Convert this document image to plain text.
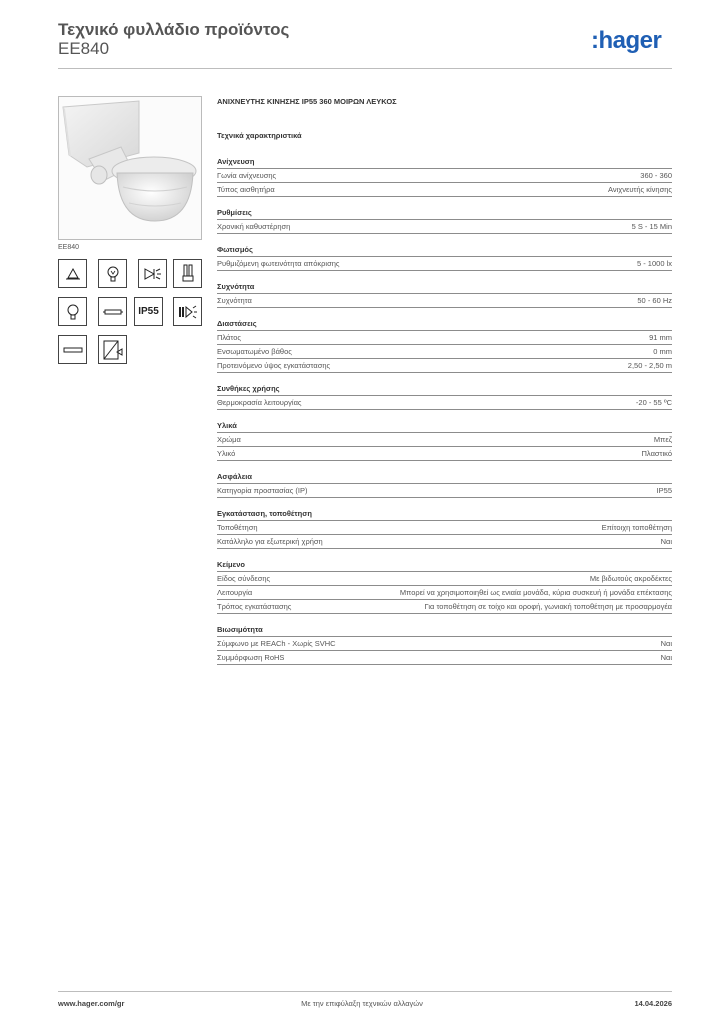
Τεχνικό φυλλάδιο προϊόντος
EE840	:hager
EE840
IP55
ΑΝΙΧΝΕΥΤΗΣ ΚΙΝΗΣΗΣ IP55 360 ΜΟΙΡΩΝ ΛΕΥΚΟΣ
Τεχνικά χαρακτηριστικά
Ανίχνευση
Γωνία ανίχνευσης	360 - 360
Τύπος αισθητήρα	Ανιχνευτής κίνησης
Ρυθμίσεις
Χρονική καθυστέρηση	5 S - 15 Min
Φωτισμός
Ρυθμιζόμενη φωτεινότητα απόκρισης	5 - 1000 lx
Συχνότητα
Συχνότητα	50 - 60 Hz
Διαστάσεις
Πλάτος	91 mm
Ενσωματωμένο βάθος	0 mm
Προτεινόμενο ύψος εγκατάστασης	2,50 - 2,50 m
Συνθήκες χρήσης
Θερμοκρασία λειτουργίας	-20 - 55 ºC
Υλικά
Χρώμα	Μπεζ
Υλικό	Πλαστικό
Ασφάλεια
Κατηγορία προστασίας (IP)	IP55
Εγκατάσταση, τοποθέτηση
Τοποθέτηση	Επίτοιχη τοποθέτηση
Κατάλληλο για εξωτερική χρήση	Ναι
Κείμενο
Είδος σύνδεσης	Με βιδωτούς ακροδέκτες
Λειτουργία	Μπορεί να χρησιμοποιηθεί ως ενιαία μονάδα, κύρια συσκευή ή μονάδα επέκτασης
Τρόπος εγκατάστασης	Για τοποθέτηση σε τοίχο και οροφή, γωνιακή τοποθέτηση με προσαρμογέα
Βιωσιμότητα
Σύμφωνο με REACh - Χωρίς SVHC	Ναι
Συμμόρφωση RoHS	Ναι
www.hager.com/gr	Με την επιφύλαξη τεχνικών αλλαγών	14.04.2026
